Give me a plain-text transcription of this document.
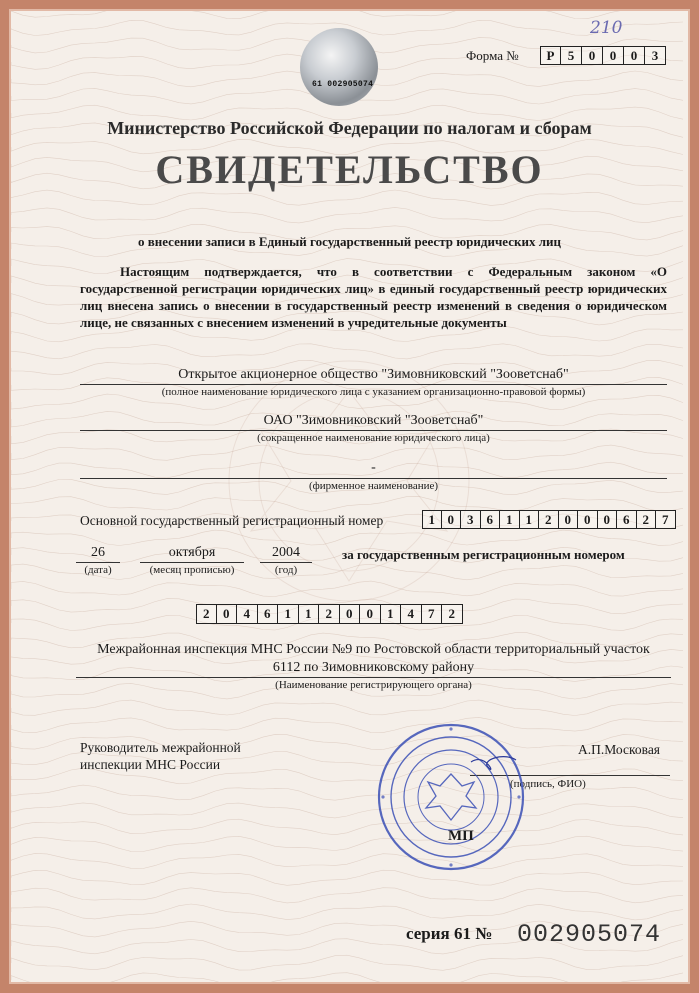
61 002905074
210
Форма №	Р	5	0	0	0	3
Министерство Российской Федерации по налогам и сборам
СВИДЕТЕЛЬСТВО
о внесении записи в Единый государственный реестр юридических лиц
Настоящим подтверждается, что в соответствии с Федеральным законом «О государственной регистрации юридических лиц» в единый государственный реестр юридических лиц внесена запись о внесении в государственный реестр изменений в сведения о юридическом лице, не связанных с внесением изменений в учредительные документы
Открытое акционерное общество "Зимовниковский "Зооветснаб"
(полное наименование юридического лица с указанием организационно-правовой формы)
ОАО "Зимовниковский "Зооветснаб"
(сокращенное наименование юридического лица)
-
(фирменное наименование)
Основной государственный регистрационный номер	1 0	3	6	1	1	2	0	0	0	6	2	7
26
(дата)
октября
(месяц прописью)
2004
(год)
за государственным регистрационным номером
2	0	4	6	1	1	2	0	0	1	4	7	2
Межрайонная инспекция МНС России №9 по Ростовской области территориальный участок
6112 по Зимовниковскому району
(Наименование регистрирующего органа)
Руководитель межрайонной
инспекции МНС России
А.П.Московая
(подпись, ФИО)
МП
серия 61 № 002905074
